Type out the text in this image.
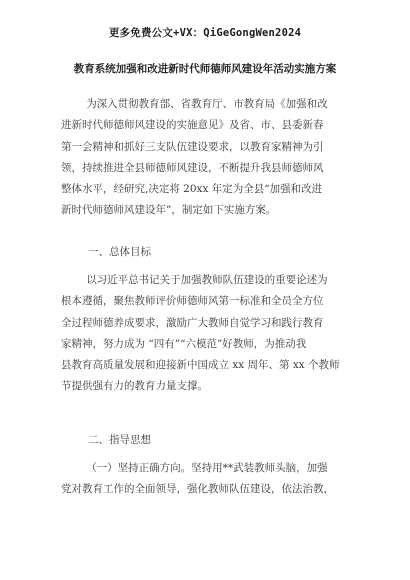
更多免费公文+VX：QiGeGongWen2024
教育系统加强和改进新时代师德师风建设年活动实施方案

为深入贯彻教育部、省教育厅、市教育局《加强和改
进新时代师德师风建设的实施意见》及省、市、县委新春
第一会精神和抓好三支队伍建设要求，以教育家精神为引
领，持续推进全县师德师风建设，不断提升我县师德师风
整体水平，经研究,决定将 20xx 年定为全县“加强和改进
新时代师德师风建设年”，制定如下实施方案。

一、总体目标

以习近平总书记关于加强教师队伍建设的重要论述为
根本遵循，聚焦教师评价师德师风第一标准和全员全方位
全过程师德养成要求，激励广大教师自觉学习和践行教育
家精神，努力成为 “四有”“六模范”好教师，为推动我
县教育高质量发展和迎接新中国成立 xx 周年、第 xx 个教师
节提供强有力的教育力量支撑。

二、指导思想

（一）坚持正确方向。坚持用**武装教师头脑，加强
党对教育工作的全面领导，强化教师队伍建设，依法治教，
